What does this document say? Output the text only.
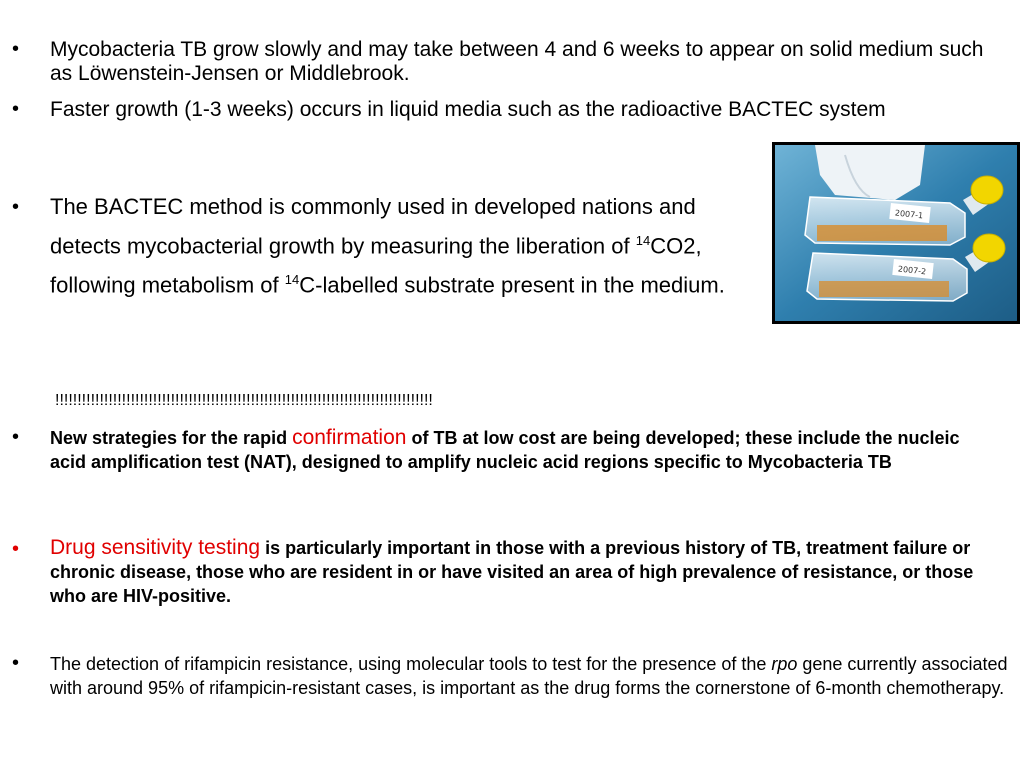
•	Mycobacteria TB grow slowly and may take between 4 and 6 weeks to appear on solid medium such as Löwenstein-Jensen or Middlebrook.
•	Faster growth (1-3 weeks) occurs in liquid media such as the radioactive BACTEC system
•	The BACTEC method is commonly used in developed nations and detects mycobacterial growth by measuring the liberation of $^{14}$CO2, following metabolism of $^{14}$C-labelled substrate present in the medium.
2007-1
2007-2
!!!!!!!!!!!!!!!!!!!!!!!!!!!!!!!!!!!!!!!!!!!!!!!!!!!!!!!!!!!!!!!!!!!!!!!!!!!!!!!!!!!!!
•	New strategies for the rapid confirmation of TB at low cost are being developed; these include the nucleic acid amplification test (NAT), designed to amplify nucleic acid regions specific to Mycobacteria TB
•	Drug sensitivity testing is particularly important in those with a previous history of TB, treatment failure or chronic disease, those who are resident in or have visited an area of high prevalence of resistance, or those who are HIV-positive.
•	The detection of rifampicin resistance, using molecular tools to test for the presence of the rpo gene currently associated with around 95% of rifampicin-resistant cases, is important as the drug forms the cornerstone of 6-month chemotherapy.
